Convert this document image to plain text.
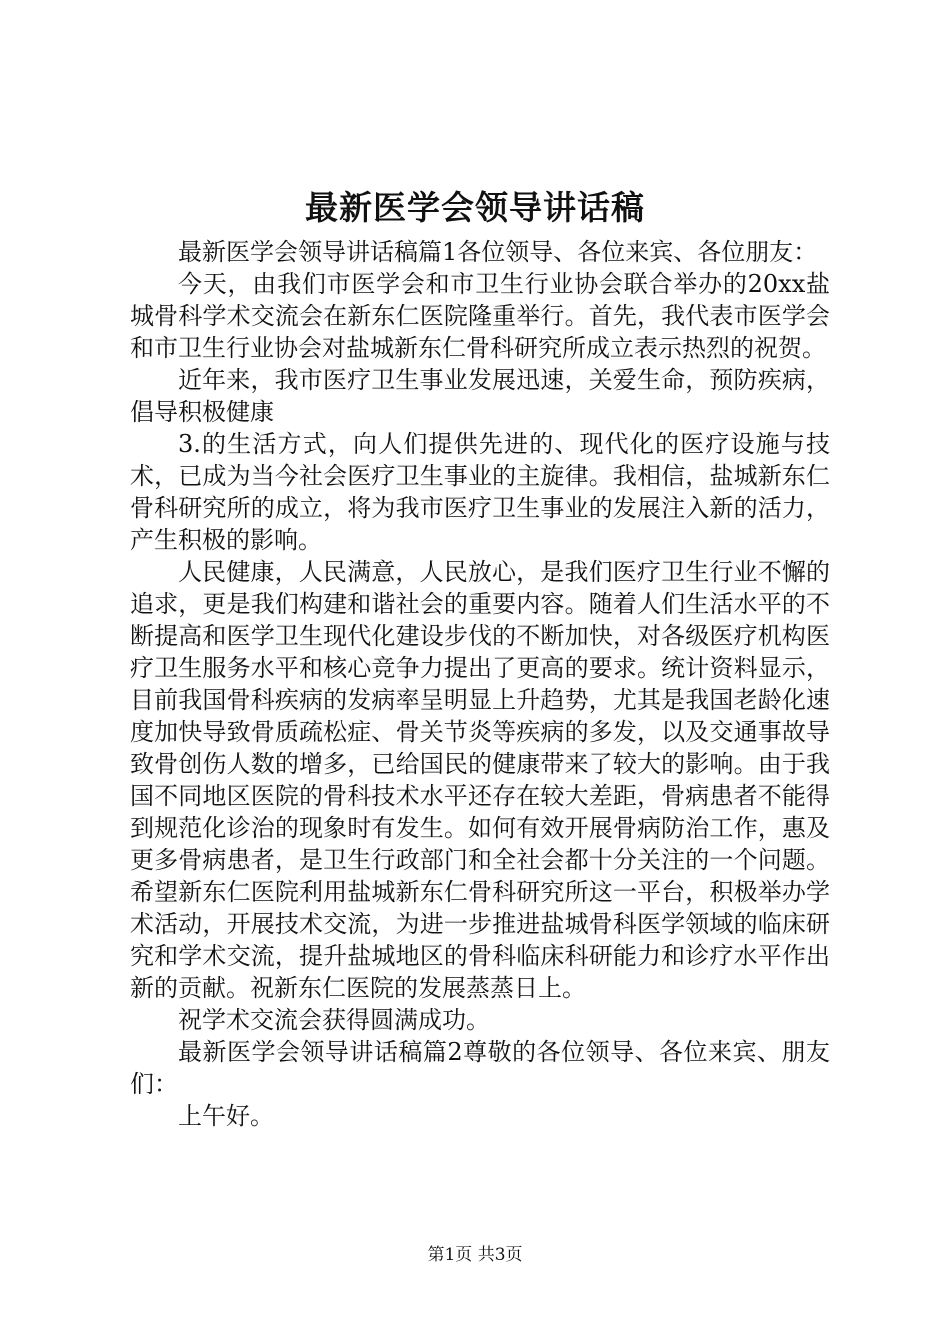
最新医学会领导讲话稿

最新医学会领导讲话稿篇1各位领导、各位来宾、各位朋友：

今天，由我们市医学会和市卫生行业协会联合举办的20xx盐城骨科学术交流会在新东仁医院隆重举行。首先，我代表市医学会和市卫生行业协会对盐城新东仁骨科研究所成立表示热烈的祝贺。

近年来，我市医疗卫生事业发展迅速，关爱生命，预防疾病，倡导积极健康

3.的生活方式，向人们提供先进的、现代化的医疗设施与技术，已成为当今社会医疗卫生事业的主旋律。我相信，盐城新东仁骨科研究所的成立，将为我市医疗卫生事业的发展注入新的活力，产生积极的影响。

人民健康，人民满意，人民放心，是我们医疗卫生行业不懈的追求，更是我们构建和谐社会的重要内容。随着人们生活水平的不断提高和医学卫生现代化建设步伐的不断加快，对各级医疗机构医疗卫生服务水平和核心竞争力提出了更高的要求。统计资料显示，目前我国骨科疾病的发病率呈明显上升趋势，尤其是我国老龄化速度加快导致骨质疏松症、骨关节炎等疾病的多发，以及交通事故导致骨创伤人数的增多，已给国民的健康带来了较大的影响。由于我国不同地区医院的骨科技术水平还存在较大差距，骨病患者不能得到规范化诊治的现象时有发生。如何有效开展骨病防治工作，惠及更多骨病患者，是卫生行政部门和全社会都十分关注的一个问题。希望新东仁医院利用盐城新东仁骨科研究所这一平台，积极举办学术活动，开展技术交流，为进一步推进盐城骨科医学领域的临床研究和学术交流，提升盐城地区的骨科临床科研能力和诊疗水平作出新的贡献。祝新东仁医院的发展蒸蒸日上。

祝学术交流会获得圆满成功。

最新医学会领导讲话稿篇2尊敬的各位领导、各位来宾、朋友们：

上午好。

第1页 共3页
